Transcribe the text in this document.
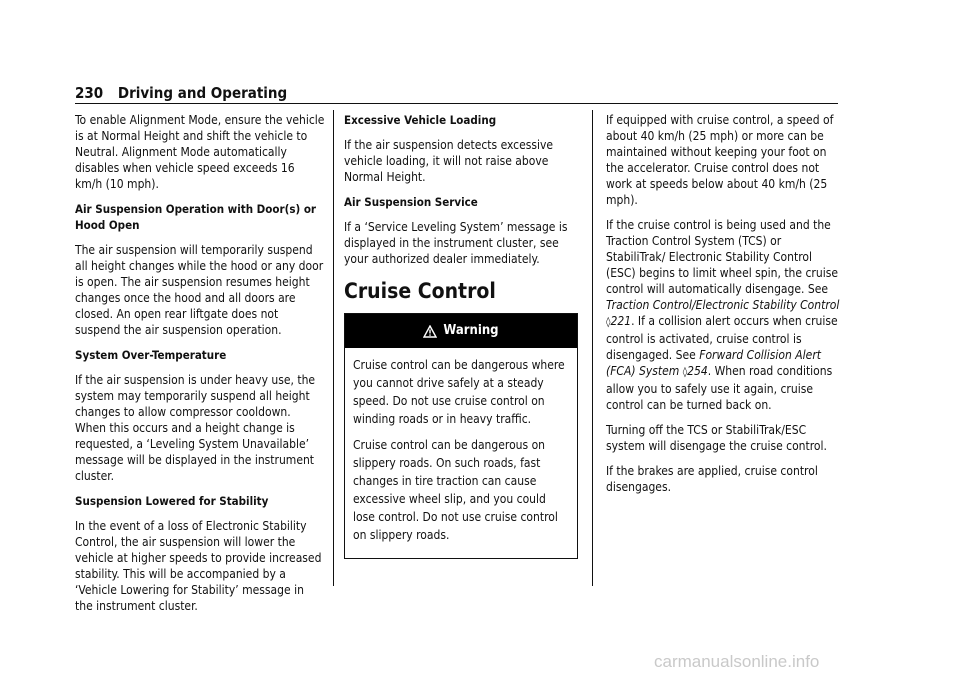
230 Driving and Operating

To enable Alignment Mode, ensure the vehicle is at Normal Height and shift the vehicle to Neutral. Alignment Mode automatically disables when vehicle speed exceeds 16 km/h (10 mph).

Air Suspension Operation with Door(s) or Hood Open

The air suspension will temporarily suspend all height changes while the hood or any door is open. The air suspension resumes height changes once the hood and all doors are closed. An open rear liftgate does not suspend the air suspension operation.

System Over-Temperature

If the air suspension is under heavy use, the system may temporarily suspend all height changes to allow compressor cooldown. When this occurs and a height change is requested, a ‘Leveling System Unavailable’ message will be displayed in the instrument cluster.

Suspension Lowered for Stability

In the event of a loss of Electronic Stability Control, the air suspension will lower the vehicle at higher speeds to provide increased stability. This will be accompanied by a ‘Vehicle Lowering for Stability’ message in the instrument cluster.

Excessive Vehicle Loading

If the air suspension detects excessive vehicle loading, it will not raise above Normal Height.

Air Suspension Service

If a ‘Service Leveling System’ message is displayed in the instrument cluster, see your authorized dealer immediately.

Cruise Control
Warning

Cruise control can be dangerous where you cannot drive safely at a steady speed. Do not use cruise control on winding roads or in heavy traffic.

Cruise control can be dangerous on slippery roads. On such roads, fast changes in tire traction can cause excessive wheel slip, and you could lose control. Do not use cruise control on slippery roads.

If equipped with cruise control, a speed of about 40 km/h (25 mph) or more can be maintained without keeping your foot on the accelerator. Cruise control does not work at speeds below about 40 km/h (25 mph).

If the cruise control is being used and the Traction Control System (TCS) or StabiliTrak/ Electronic Stability Control (ESC) begins to limit wheel spin, the cruise control will automatically disengage. See Traction Control/Electronic Stability Control ◊221. If a collision alert occurs when cruise control is activated, cruise control is disengaged. See Forward Collision Alert (FCA) System ◊254. When road conditions allow you to safely use it again, cruise control can be turned back on.

Turning off the TCS or StabiliTrak/ESC system will disengage the cruise control.

If the brakes are applied, cruise control disengages.

carmanualsonline.info
